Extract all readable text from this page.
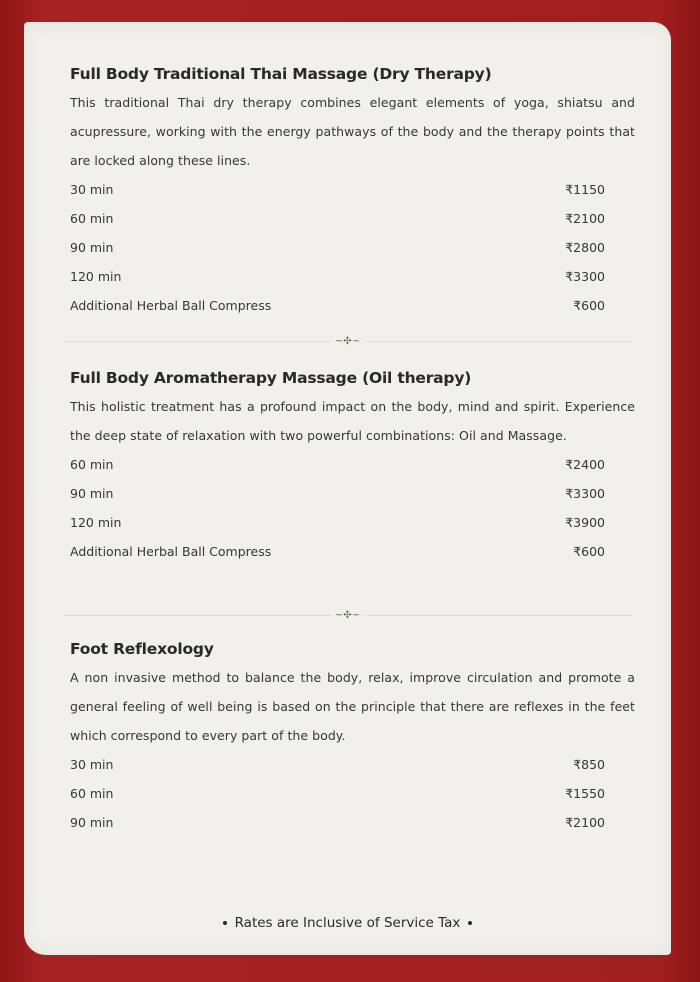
Full Body Traditional Thai Massage (Dry Therapy)

This traditional Thai dry therapy combines elegant elements of yoga, shiatsu and acupressure, working with the energy pathways of the body and the therapy points that are locked along these lines.

30 min	₹1150
60 min	₹2100
90 min	₹2800
120 min	₹3300
Additional Herbal Ball Compress	₹600
~✣~
Full Body Aromatherapy Massage (Oil therapy)

This holistic treatment has a profound impact on the body, mind and spirit. Experience the deep state of relaxation with two powerful combinations: Oil and Massage.

60 min	₹2400
90 min	₹3300
120 min	₹3900
Additional Herbal Ball Compress	₹600
~✣~
Foot Reflexology

A non invasive method to balance the body, relax, improve circulation and promote a general feeling of well being is based on the principle that there are reflexes in the feet which correspond to every part of the body.

30 min	₹850
60 min	₹1550
90 min	₹2100
Rates are Inclusive of Service Tax
